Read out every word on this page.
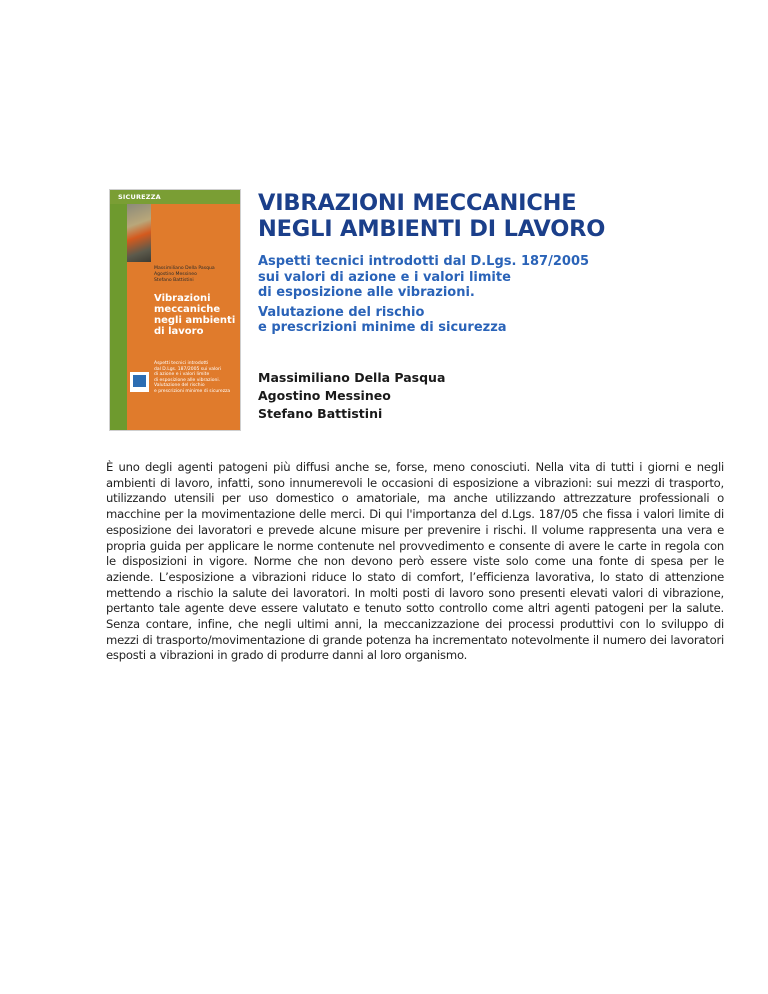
SICUREZZA
Massimiliano Della Pasqua
Agostino Messineo
Stefano Battistini
Vibrazioni
meccaniche
negli ambienti
di lavoro
Aspetti tecnici introdotti
dal D.Lgs. 187/2005 sui valori
di azione e i valori limite
di esposizione alle vibrazioni.
Valutazione del rischio
e prescrizioni minime di sicurezza
VIBRAZIONI MECCANICHE
NEGLI AMBIENTI DI LAVORO
Aspetti tecnici introdotti dal D.Lgs. 187/2005
sui valori di azione e i valori limite
di esposizione alle vibrazioni.
Valutazione del rischio
e prescrizioni minime di sicurezza
Massimiliano Della Pasqua
Agostino Messineo
Stefano Battistini
È uno degli agenti patogeni più diffusi anche se, forse, meno conosciuti. Nella vita di tutti i giorni e negli ambienti di lavoro, infatti, sono innumerevoli le occasioni di esposizione a vibrazioni: sui mezzi di trasporto, utilizzando utensili per uso domestico o amatoriale, ma anche utilizzando attrezzature professionali o macchine per la movimentazione delle merci. Di qui l'importanza del d.Lgs. 187/05 che fissa i valori limite di esposizione dei lavoratori e prevede alcune misure per prevenire i rischi. Il volume rappresenta una vera e propria guida per applicare le norme contenute nel provvedimento e consente di avere le carte in regola con le disposizioni in vigore. Norme che non devono però essere viste solo come una fonte di spesa per le aziende. L’esposizione a vibrazioni riduce lo stato di comfort, l’efficienza lavorativa, lo stato di attenzione mettendo a rischio la salute dei lavoratori. In molti posti di lavoro sono presenti elevati valori di vibrazione, pertanto tale agente deve essere valutato e tenuto sotto controllo come altri agenti patogeni per la salute. Senza contare, infine, che negli ultimi anni, la meccanizzazione dei processi produttivi con lo sviluppo di mezzi di trasporto/movimentazione di grande potenza ha incrementato notevolmente il numero dei lavoratori esposti a vibrazioni in grado di produrre danni al loro organismo.
